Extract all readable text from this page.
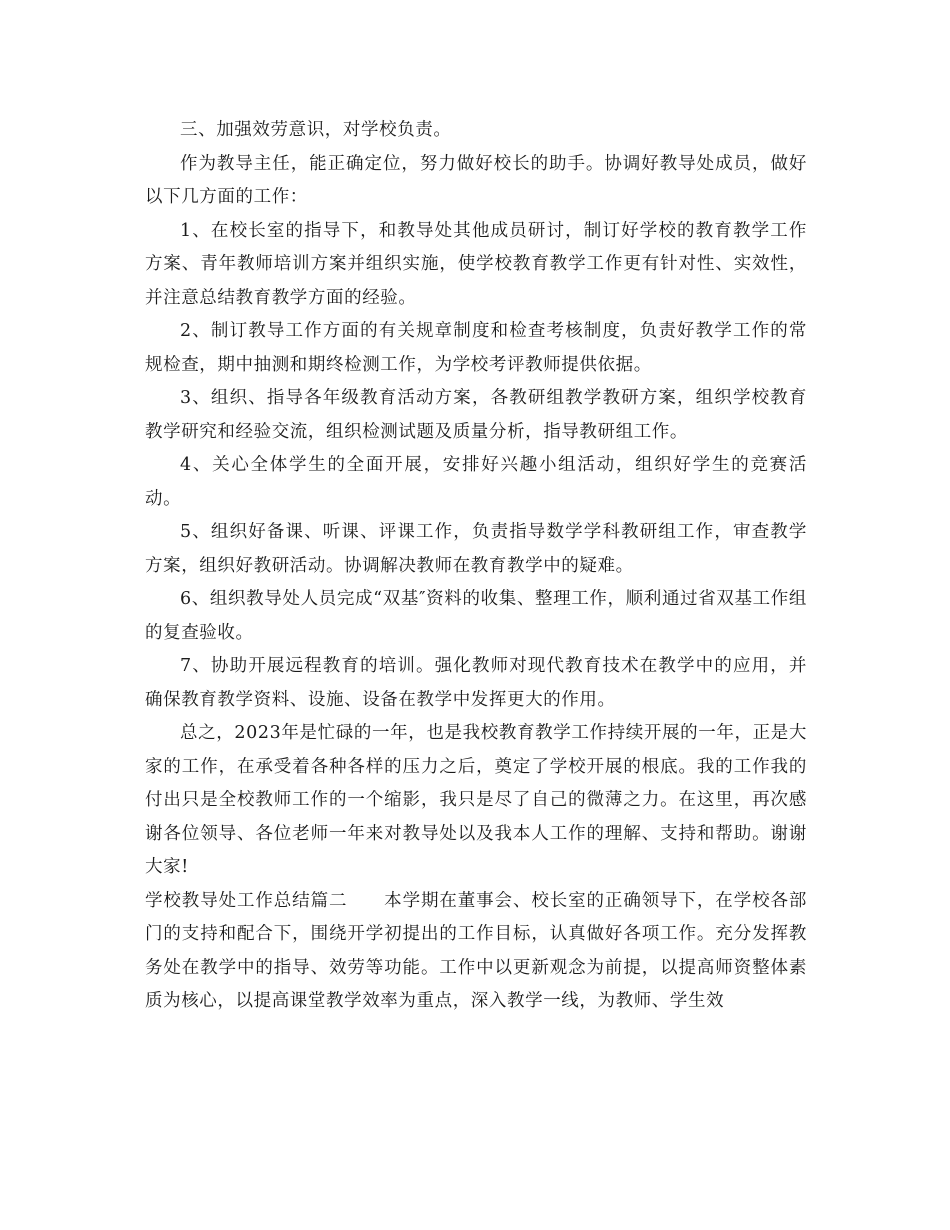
三、加强效劳意识，对学校负责。

作为教导主任，能正确定位，努力做好校长的助手。协调好教导处成员，做好以下几方面的工作：

1、在校长室的指导下，和教导处其他成员研讨，制订好学校的教育教学工作方案、青年教师培训方案并组织实施，使学校教育教学工作更有针对性、实效性，并注意总结教育教学方面的经验。

2、制订教导工作方面的有关规章制度和检查考核制度，负责好教学工作的常规检查，期中抽测和期终检测工作，为学校考评教师提供依据。

3、组织、指导各年级教育活动方案，各教研组教学教研方案，组织学校教育教学研究和经验交流，组织检测试题及质量分析，指导教研组工作。

4、关心全体学生的全面开展，安排好兴趣小组活动，组织好学生的竞赛活动。

5、组织好备课、听课、评课工作，负责指导数学学科教研组工作，审查教学方案，组织好教研活动。协调解决教师在教育教学中的疑难。

6、组织教导处人员完成“双基″资料的收集、整理工作，顺利通过省双基工作组的复查验收。

7、协助开展远程教育的培训。强化教师对现代教育技术在教学中的应用，并确保教育教学资料、设施、设备在教学中发挥更大的作用。

总之，2023年是忙碌的一年，也是我校教育教学工作持续开展的一年，正是大家的工作，在承受着各种各样的压力之后，奠定了学校开展的根底。我的工作我的付出只是全校教师工作的一个缩影，我只是尽了自己的微薄之力。在这里，再次感谢各位领导、各位老师一年来对教导处以及我本人工作的理解、支持和帮助。谢谢大家!

学校教导处工作总结篇二　　 本学期在董事会、校长室的正确领导下，在学校各部门的支持和配合下，围绕开学初提出的工作目标，认真做好各项工作。充分发挥教务处在教学中的指导、效劳等功能。工作中以更新观念为前提，以提高师资整体素质为核心，以提高课堂教学效率为重点，深入教学一线，为教师、学生效
